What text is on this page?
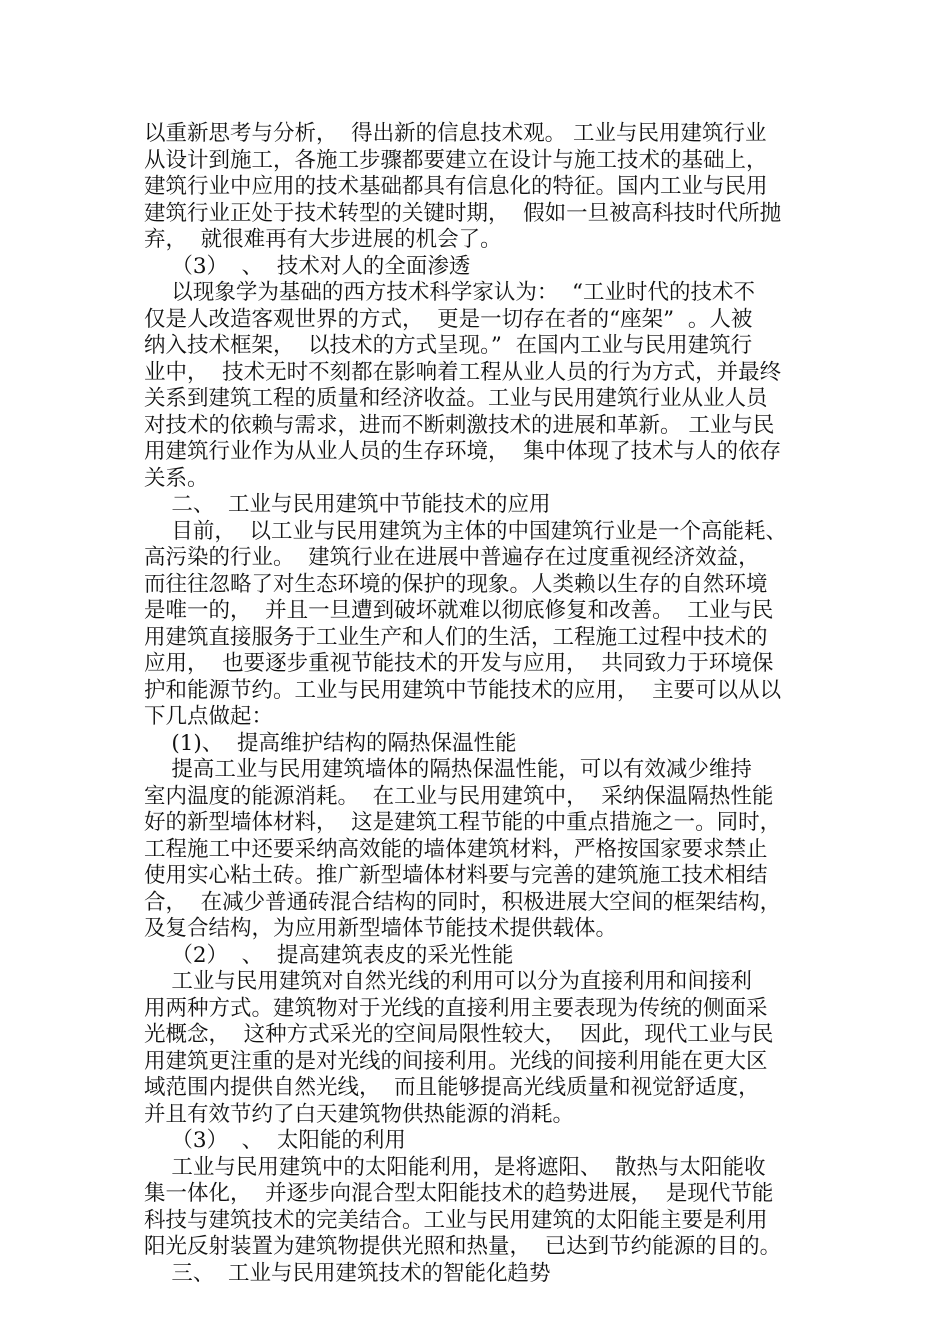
以重新思考与分析，  得出新的信息技术观。 工业与民用建筑行业
从设计到施工，各施工步骤都要建立在设计与施工技术的基础上，
建筑行业中应用的技术基础都具有信息化的特征。国内工业与民用
建筑行业正处于技术转型的关键时期，  假如一旦被高科技时代所抛
弃，  就很难再有大步进展的机会了。
（3）  、  技术对人的全面渗透
以现象学为基础的西方技术科学家认为：  “工业时代的技术不
仅是人改造客观世界的方式，  更是一切存在者的“座架”  。人被
纳入技术框架，  以技术的方式呈现。”  在国内工业与民用建筑行
业中，  技术无时不刻都在影响着工程从业人员的行为方式，并最终
关系到建筑工程的质量和经济收益。工业与民用建筑行业从业人员
对技术的依赖与需求，进而不断刺激技术的进展和革新。 工业与民
用建筑行业作为从业人员的生存环境，  集中体现了技术与人的依存
关系。
二、  工业与民用建筑中节能技术的应用
目前，  以工业与民用建筑为主体的中国建筑行业是一个高能耗、
高污染的行业。  建筑行业在进展中普遍存在过度重视经济效益，
而往往忽略了对生态环境的保护的现象。人类赖以生存的自然环境
是唯一的，  并且一旦遭到破坏就难以彻底修复和改善。  工业与民
用建筑直接服务于工业生产和人们的生活，工程施工过程中技术的
应用，  也要逐步重视节能技术的开发与应用，  共同致力于环境保
护和能源节约。工业与民用建筑中节能技术的应用，  主要可以从以
下几点做起：
(1)、  提高维护结构的隔热保温性能
提高工业与民用建筑墙体的隔热保温性能，可以有效减少维持
室内温度的能源消耗。  在工业与民用建筑中，  采纳保温隔热性能
好的新型墙体材料，  这是建筑工程节能的中重点措施之一。同时，
工程施工中还要采纳高效能的墙体建筑材料，严格按国家要求禁止
使用实心粘土砖。推广新型墙体材料要与完善的建筑施工技术相结
合，  在减少普通砖混合结构的同时，积极进展大空间的框架结构，
及复合结构，为应用新型墙体节能技术提供载体。
（2）  、  提高建筑表皮的采光性能
工业与民用建筑对自然光线的利用可以分为直接利用和间接利
用两种方式。建筑物对于光线的直接利用主要表现为传统的侧面采
光概念，  这种方式采光的空间局限性较大，  因此，现代工业与民
用建筑更注重的是对光线的间接利用。光线的间接利用能在更大区
域范围内提供自然光线，  而且能够提高光线质量和视觉舒适度，
并且有效节约了白天建筑物供热能源的消耗。
（3）  、  太阳能的利用
工业与民用建筑中的太阳能利用，是将遮阳、  散热与太阳能收
集一体化，  并逐步向混合型太阳能技术的趋势进展，  是现代节能
科技与建筑技术的完美结合。工业与民用建筑的太阳能主要是利用
阳光反射装置为建筑物提供光照和热量，  已达到节约能源的目的。
三、  工业与民用建筑技术的智能化趋势
